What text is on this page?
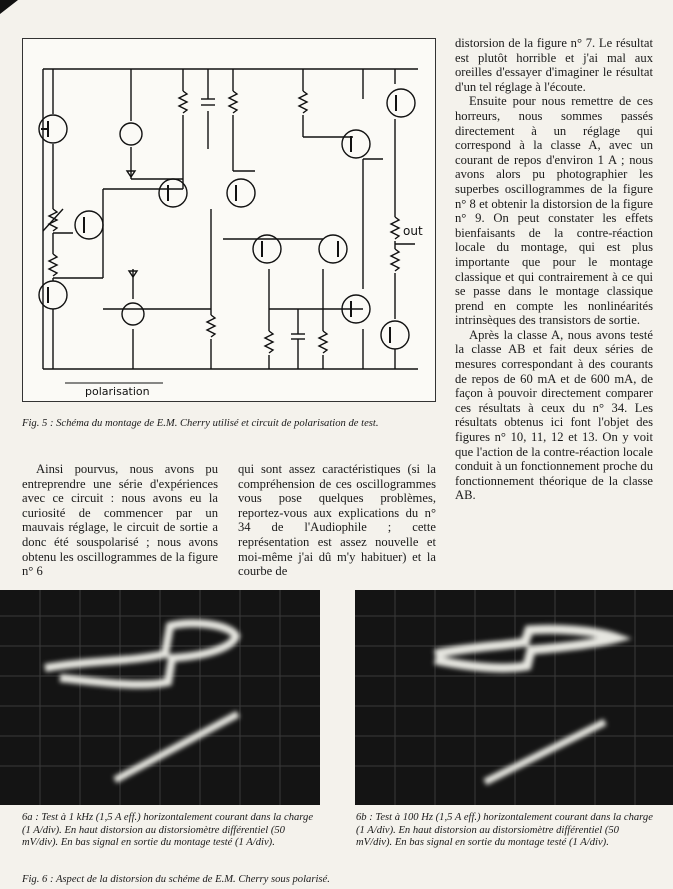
out
polarisation
Fig. 5 : Schéma du montage de E.M. Cherry utilisé et circuit de polarisation de test.

distorsion de la figure n° 7. Le résultat est plutôt horrible et j'ai mal aux oreilles d'essayer d'imaginer le résultat d'un tel réglage à l'écoute.

Ensuite pour nous remettre de ces horreurs, nous sommes passés directement à un réglage qui correspond à la classe A, avec un courant de repos d'environ 1 A ; nous avons alors pu photographier les superbes oscillogrammes de la figure n° 8 et obtenir la distorsion de la figure n° 9. On peut constater les effets bienfaisants de la contre-réaction locale du montage, qui est plus importante que pour le montage classique et qui contrairement à ce qui se passe dans le montage classique prend en compte les nonlinéarités intrinsèques des transistors de sortie.

Après la classe A, nous avons testé la classe AB et fait deux séries de mesures correspondant à des courants de repos de 60 mA et de 600 mA, de façon à pouvoir directement comparer ces résultats à ceux du n° 34. Les résultats obtenus ici font l'objet des figures n° 10, 11, 12 et 13. On y voit que l'action de la contre-réaction locale conduit à un fonctionnement proche du fonctionnement théorique de la classe AB.

Ainsi pourvus, nous avons pu entreprendre une série d'expériences avec ce circuit : nous avons eu la curiosité de commencer par un mauvais réglage, le circuit de sortie a donc été souspolarisé ; nous avons obtenu les oscillogrammes de la figure n° 6

qui sont assez caractéristiques (si la compréhension de ces oscillogrammes vous pose quelques problèmes, reportez-vous aux explications du n° 34 de l'Audiophile ; cette représentation est assez nouvelle et moi-même j'ai dû m'y habituer) et la courbe de

6a : Test à 1 kHz (1,5 A eff.) horizontalement courant dans la charge (1 A/div). En haut distorsion au distorsiomètre différentiel (50 mV/div). En bas signal en sortie du montage testé (1 A/div).
6b : Test à 100 Hz (1,5 A eff.) horizontalement courant dans la charge (1 A/div). En haut distorsion au distorsiomètre différentiel (50 mV/div). En bas signal en sortie du montage testé (1 A/div).
Fig. 6 : Aspect de la distorsion du schéme de E.M. Cherry sous polarisé.
